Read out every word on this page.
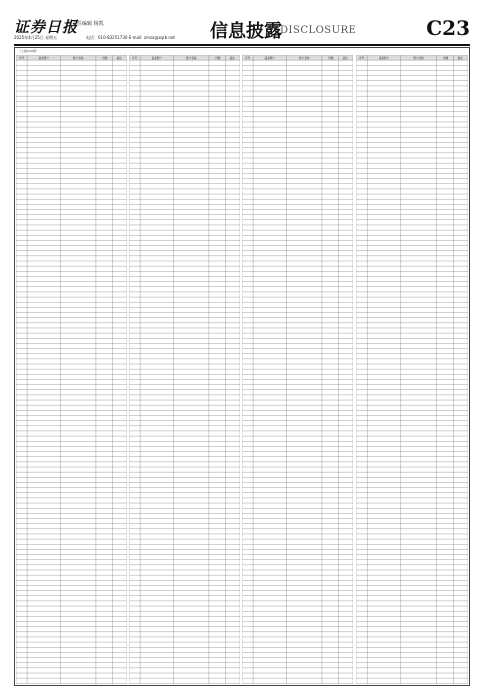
证券日报
责任编辑 杨凯
2025年4月25日 星期五	电话：010-83251730 E-mail: zmzx@zqrb.net 信息披露
DISCLOSURE	C23
（上接C22版）
序号	基金账户	账户名称	份额	备注	序号	基金账户	账户名称	份额	备注	序号	基金账户	账户名称	份额	备注	序号	基金账户	账户名称	份额	备注
